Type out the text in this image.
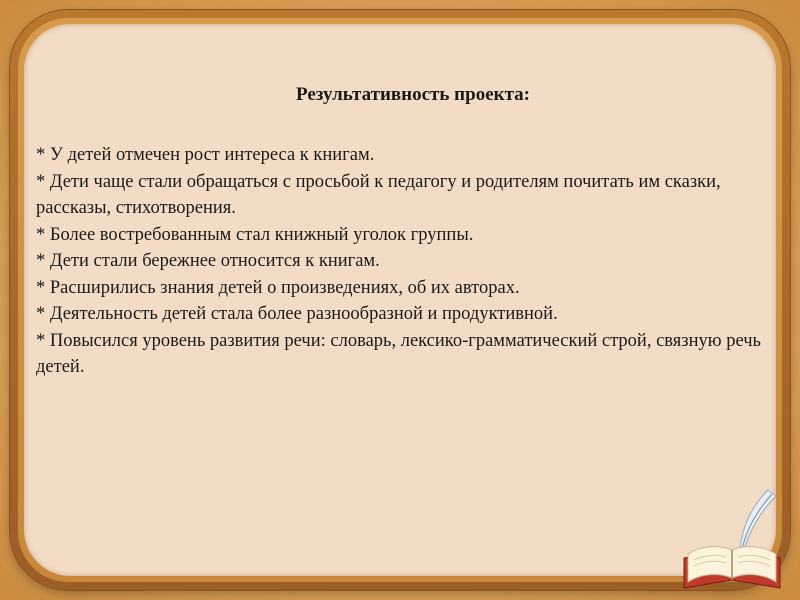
Результативность проекта:
* У детей отмечен рост интереса к книгам.
* Дети чаще стали обращаться с просьбой к педагогу и родителям почитать им сказки, рассказы, стихотворения.
* Более востребованным стал книжный уголок группы.
* Дети стали бережнее относится к книгам.
* Расширились знания детей о произведениях, об их авторах.
* Деятельность детей стала более разнообразной и продуктивной.
* Повысился уровень развития речи: словарь, лексико-грамматический строй, связную речь детей.
